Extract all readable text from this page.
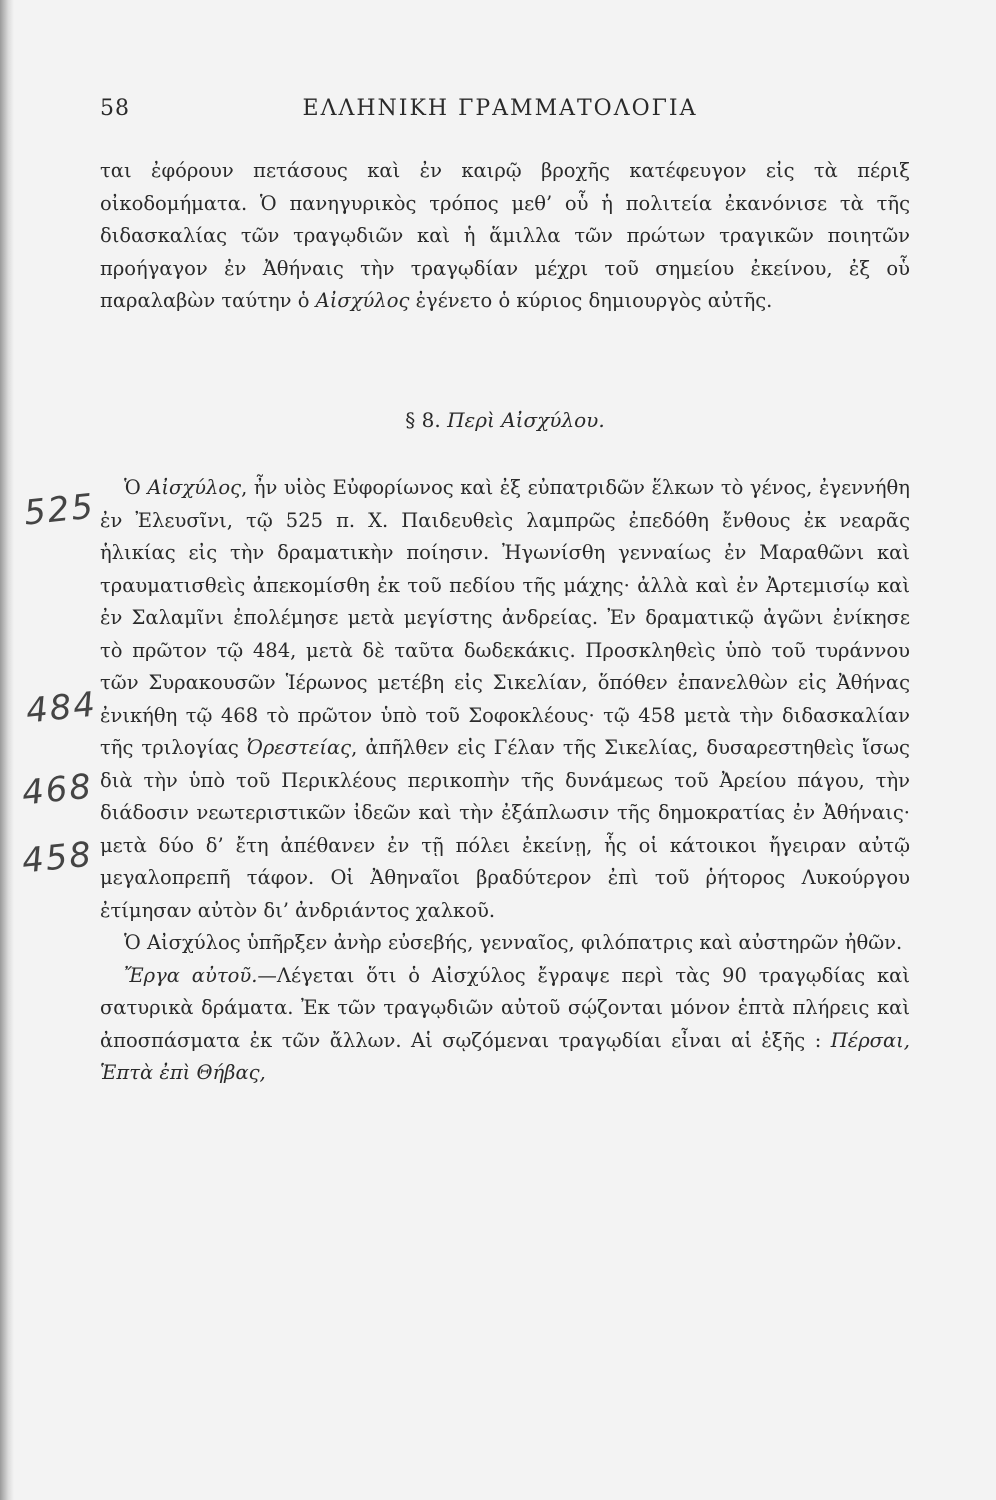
58	ΕΛΛΗΝΙΚΗ ΓΡΑΜΜΑΤΟΛΟΓΙΑ

ται ἐφόρουν πετάσους καὶ ἐν καιρῷ βροχῆς κατέφευγον εἰς τὰ πέριξ οἰκοδομήματα. Ὁ πανηγυρικὸς τρόπος μεθ’ οὗ ἡ πολιτεία ἐκανόνισε τὰ τῆς διδασκαλίας τῶν τραγῳδιῶν καὶ ἡ ἅμιλλα τῶν πρώτων τραγικῶν ποιητῶν προήγαγον ἐν Ἀθήναις τὴν τραγῳδίαν μέχρι τοῦ σημείου ἐκείνου, ἐξ οὗ παραλαβὼν ταύτην ὁ Αἰσχύλος ἐγένετο ὁ κύριος δημιουργὸς αὐτῆς.

§ 8. Περὶ Αἰσχύλου.

Ὁ Αἰσχύλος, ἦν υἱὸς Εὐφορίωνος καὶ ἐξ εὐπατριδῶν ἕλκων τὸ γένος, ἐγεννήθη ἐν Ἐλευσῖνι, τῷ 525 π. Χ. Παιδευθεὶς λαμπρῶς ἐπεδόθη ἔνθους ἐκ νεαρᾶς ἡλικίας εἰς τὴν δραματικὴν ποίησιν. Ἠγωνίσθη γενναίως ἐν Μαραθῶνι καὶ τραυματισθεὶς ἀπεκομίσθη ἐκ τοῦ πεδίου τῆς μάχης· ἀλλὰ καὶ ἐν Ἀρτεμισίῳ καὶ ἐν Σαλαμῖνι ἐπολέμησε μετὰ μεγίστης ἀνδρείας. Ἐν δραματικῷ ἀγῶνι ἐνίκησε τὸ πρῶτον τῷ 484, μετὰ δὲ ταῦτα δωδεκάκις. Προσκληθεὶς ὑπὸ τοῦ τυράννου τῶν Συρακουσῶν Ἱέρωνος μετέβη εἰς Σικελίαν, ὅπόθεν ἐπανελθὼν εἰς Ἀθήνας ἐνικήθη τῷ 468 τὸ πρῶτον ὑπὸ τοῦ Σοφοκλέους· τῷ 458 μετὰ τὴν διδασκαλίαν τῆς τριλογίας Ὀρεστείας, ἀπῆλθεν εἰς Γέλαν τῆς Σικελίας, δυσαρεστηθεὶς ἴσως διὰ τὴν ὑπὸ τοῦ Περικλέους περικοπὴν τῆς δυνάμεως τοῦ Ἀρείου πάγου, τὴν διάδοσιν νεωτεριστικῶν ἰδεῶν καὶ τὴν ἐξάπλωσιν τῆς δημοκρατίας ἐν Ἀθήναις· μετὰ δύο δ’ ἔτη ἀπέθανεν ἐν τῇ πόλει ἐκείνῃ, ἧς οἱ κάτοικοι ἤγειραν αὐτῷ μεγαλοπρεπῆ τάφον. Οἱ Ἀθηναῖοι βραδύτερον ἐπὶ τοῦ ῥήτορος Λυκούργου ἐτίμησαν αὐτὸν δι’ ἀνδριάντος χαλκοῦ.

Ὁ Αἰσχύλος ὑπῆρξεν ἀνὴρ εὐσεβής, γενναῖος, φιλόπατρις καὶ αὐστηρῶν ἠθῶν.

Ἔργα αὐτοῦ.—Λέγεται ὅτι ὁ Αἰσχύλος ἔγραψε περὶ τὰς 90 τραγῳδίας καὶ σατυρικὰ δράματα. Ἐκ τῶν τραγῳδιῶν αὐτοῦ σῴζονται μόνον ἑπτὰ πλήρεις καὶ ἀποσπάσματα ἐκ τῶν ἄλλων. Αἱ σῳζόμεναι τραγῳδίαι εἶναι αἱ ἑξῆς : Πέρσαι, Ἑπτὰ ἐπὶ Θήβας,

525
484
468
458
